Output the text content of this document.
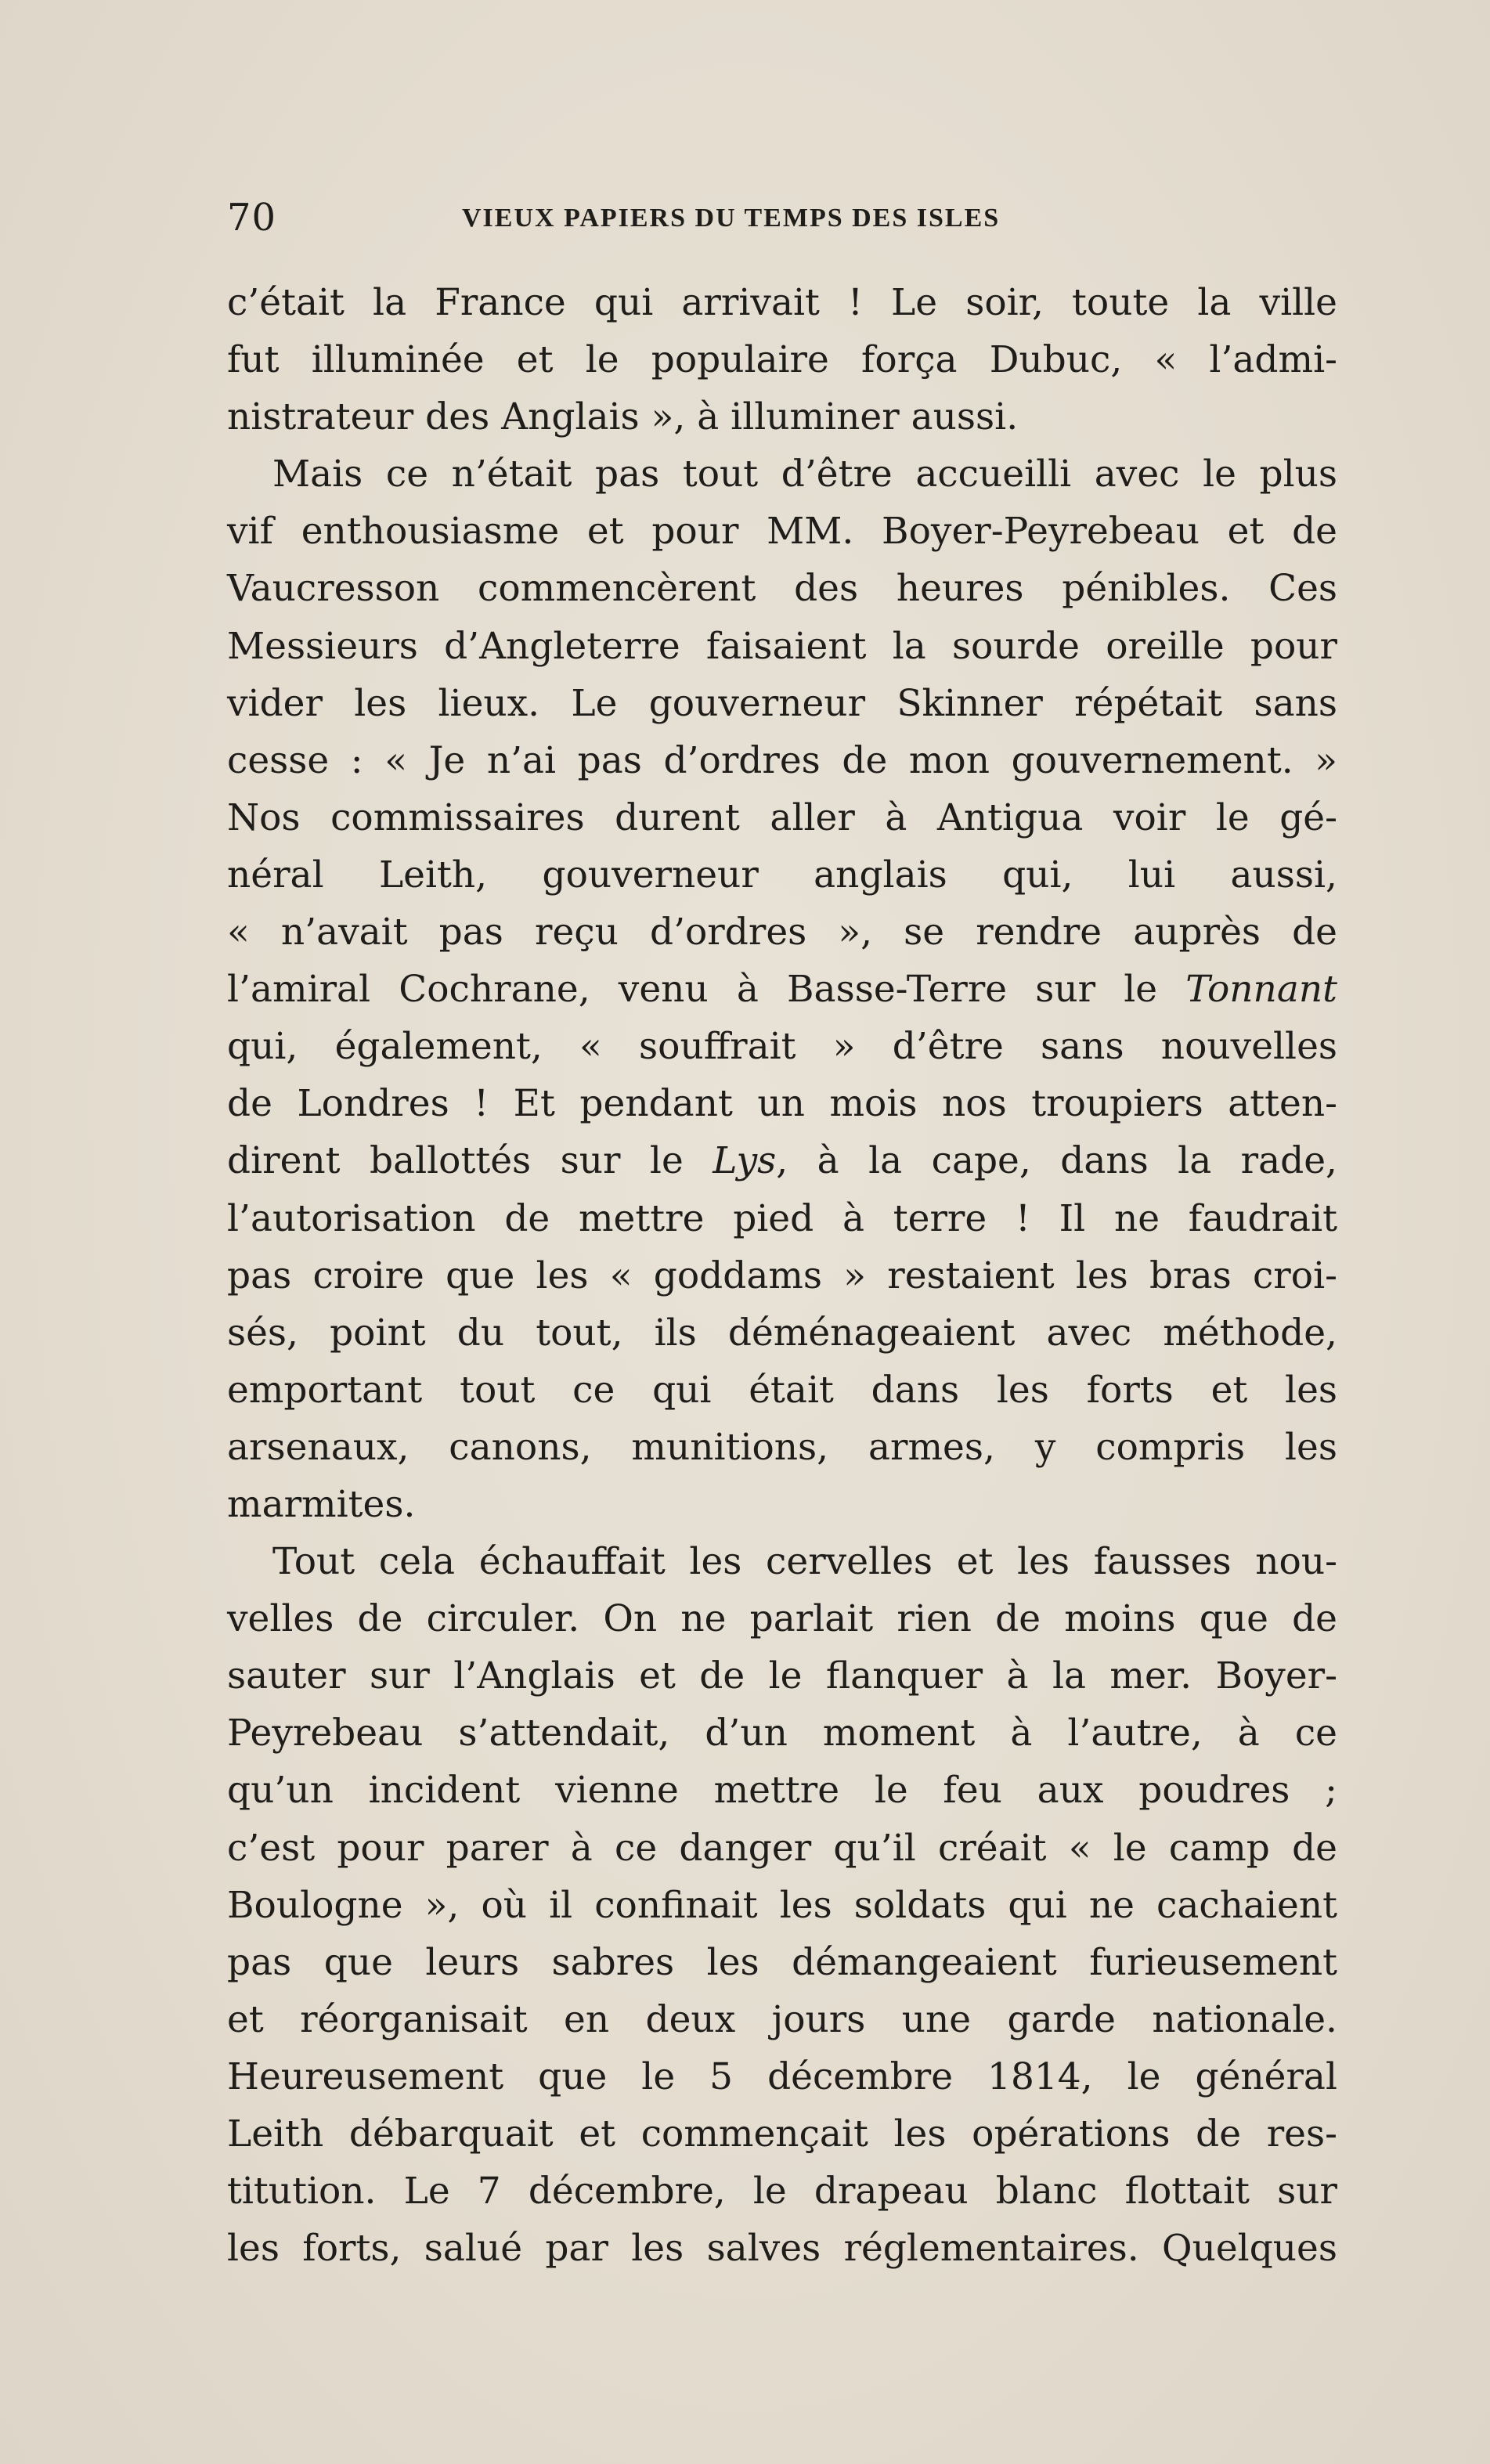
70	VIEUX PAPIERS DU TEMPS DES ISLES
c’était la France qui arrivait ! Le soir, toute la ville
fut illuminée et le populaire força Dubuc, « l’admi-
nistrateur des Anglais », à illuminer aussi.
Mais ce n’était pas tout d’être accueilli avec le plus
vif enthousiasme et pour MM. Boyer-Peyrebeau et de
Vaucresson commencèrent des heures pénibles. Ces
Messieurs d’Angleterre faisaient la sourde oreille pour
vider les lieux. Le gouverneur Skinner répétait sans
cesse : « Je n’ai pas d’ordres de mon gouvernement. »
Nos commissaires durent aller à Antigua voir le gé-
néral Leith, gouverneur anglais qui, lui aussi,
« n’avait pas reçu d’ordres », se rendre auprès de
l’amiral Cochrane, venu à Basse-Terre sur le Tonnant
qui, également, « souffrait » d’être sans nouvelles
de Londres ! Et pendant un mois nos troupiers atten-
dirent ballottés sur le Lys, à la cape, dans la rade,
l’autorisation de mettre pied à terre ! Il ne faudrait
pas croire que les « goddams » restaient les bras croi-
sés, point du tout, ils déménageaient avec méthode,
emportant tout ce qui était dans les forts et les
arsenaux, canons, munitions, armes, y compris les
marmites.
Tout cela échauffait les cervelles et les fausses nou-
velles de circuler. On ne parlait rien de moins que de
sauter sur l’Anglais et de le flanquer à la mer. Boyer-
Peyrebeau s’attendait, d’un moment à l’autre, à ce
qu’un incident vienne mettre le feu aux poudres ;
c’est pour parer à ce danger qu’il créait « le camp de
Boulogne », où il confinait les soldats qui ne cachaient
pas que leurs sabres les démangeaient furieusement
et réorganisait en deux jours une garde nationale.
Heureusement que le 5 décembre 1814, le général
Leith débarquait et commençait les opérations de res-
titution. Le 7 décembre, le drapeau blanc flottait sur
les forts, salué par les salves réglementaires. Quelques
